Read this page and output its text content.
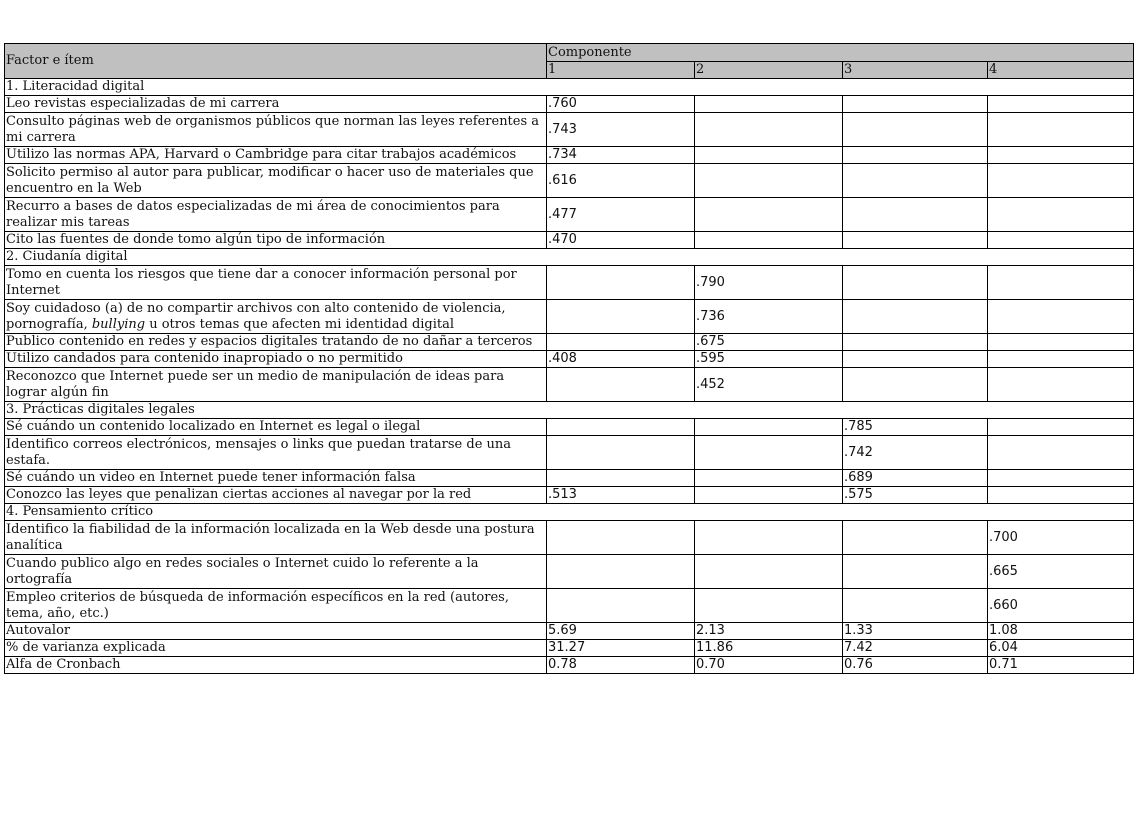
Factor e ítem	Componente			
	1	2	3	4
1. Literacidad digital				
Leo revistas especializadas de mi carrera	.760			
Consulto páginas web de organismos públicos que norman las leyes referentes a mi carrera	.743			
Utilizo las normas APA, Harvard o Cambridge para citar trabajos académicos	.734			
Solicito permiso al autor para publicar, modificar o hacer uso de materiales que encuentro en la Web	.616			
Recurro a bases de datos especializadas de mi área de conocimientos para realizar mis tareas	.477			
Cito las fuentes de donde tomo algún tipo de información	.470			
2. Ciudanía digital				
Tomo en cuenta los riesgos que tiene dar a conocer información personal por Internet		.790		
Soy cuidadoso (a) de no compartir archivos con alto contenido de violencia, pornografía, bullying u otros temas que afecten mi identidad digital		.736		
Publico contenido en redes y espacios digitales tratando de no dañar a terceros		.675		
Utilizo candados para contenido inapropiado o no permitido	.408	.595		
Reconozco que Internet puede ser un medio de manipulación de ideas para lograr algún fin		.452		
3. Prácticas digitales legales				
Sé cuándo un contenido localizado en Internet es legal o ilegal			.785	
Identifico correos electrónicos, mensajes o links que puedan tratarse de una estafa.			.742	
Sé cuándo un video en Internet puede tener información falsa			.689	
Conozco las leyes que penalizan ciertas acciones al navegar por la red	.513		.575	
4. Pensamiento crítico				
Identifico la fiabilidad de la información localizada en la Web desde una postura analítica				.700
Cuando publico algo en redes sociales o Internet cuido lo referente a la ortografía				.665
Empleo criterios de búsqueda de información específicos en la red (autores, tema, año, etc.)				.660
Autovalor	5.69	2.13	1.33	1.08
% de varianza explicada	31.27	11.86	7.42	6.04
Alfa de Cronbach	0.78	0.70	0.76	0.71
